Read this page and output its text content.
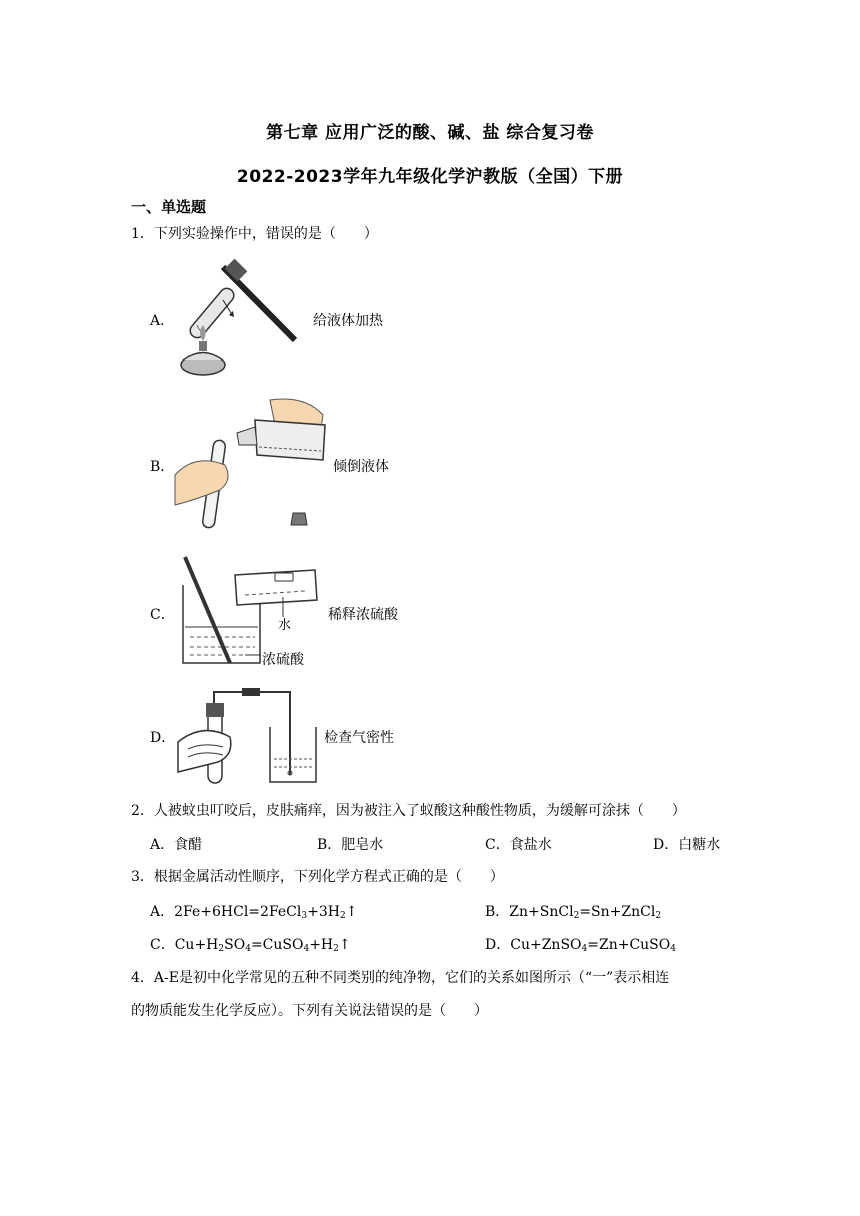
第七章 应用广泛的酸、碱、盐 综合复习卷
2022-2023学年九年级化学沪教版（全国）下册
一、单选题
1．下列实验操作中，错误的是（　　）
A．	给液体加热
B．	倾倒液体
C．
水
浓硫酸
稀释浓硫酸
D．	检查气密性
2．人被蚊虫叮咬后，皮肤痛痒，因为被注入了蚁酸这种酸性物质，为缓解可涂抹（　　）
A．食醋	B．肥皂水	C．食盐水	D．白糖水
3．根据金属活动性顺序，下列化学方程式正确的是（　　）
A．$2Fe+6HCl=2FeCl_3+3H_2↑$	B．Zn+SnCl$_2$=Sn+ZnCl$_2$
C．$Cu+H_2SO_4=CuSO_4+H_2↑$	D．Cu+ZnSO$_4$=Zn+CuSO$_4$
4．A-E是初中化学常见的五种不同类别的纯净物，它们的关系如图所示（“一”表示相连
的物质能发生化学反应）。下列有关说法错误的是（　　）
